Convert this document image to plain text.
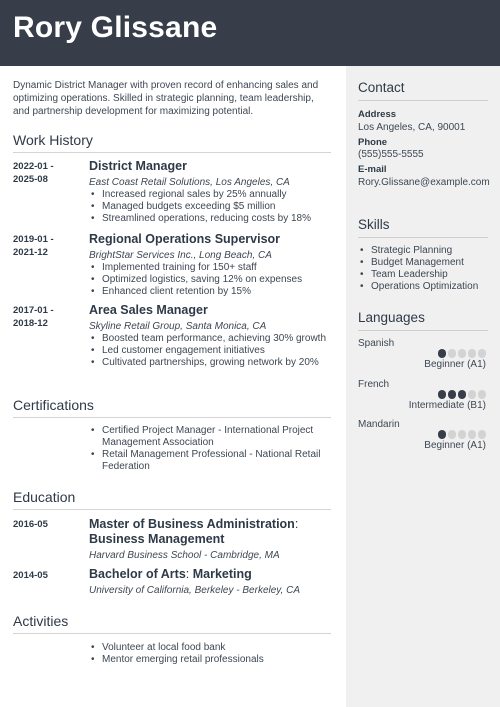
Rory Glissane
Dynamic District Manager with proven record of enhancing sales and optimizing operations. Skilled in strategic planning, team leadership, and partnership development for maximizing potential.
Work History
2022-01 -
2025-08
District Manager
East Coast Retail Solutions, Los Angeles, CA
• Increased regional sales by 25% annually
• Managed budgets exceeding $5 million
• Streamlined operations, reducing costs by 18%
2019-01 -
2021-12
Regional Operations Supervisor
BrightStar Services Inc., Long Beach, CA
• Implemented training for 150+ staff
• Optimized logistics, saving 12% on expenses
• Enhanced client retention by 15%
2017-01 -
2018-12
Area Sales Manager
Skyline Retail Group, Santa Monica, CA
• Boosted team performance, achieving 30% growth
• Led customer engagement initiatives
• Cultivated partnerships, growing network by 20%
Certifications
• Certified Project Manager - International Project Management Association
• Retail Management Professional - National Retail Federation
Education
2016-05	Master of Business Administration: Business Management
Harvard Business School - Cambridge, MA
2014-05	Bachelor of Arts: Marketing
University of California, Berkeley - Berkeley, CA
Activities
• Volunteer at local food bank
• Mentor emerging retail professionals
Contact
Address
Los Angeles, CA, 90001
Phone
(555)555-5555
E-mail
Rory.Glissane@example.com
Skills
• Strategic Planning
• Budget Management
• Team Leadership
• Operations Optimization
Languages
Spanish
Beginner (A1)
French
Intermediate (B1)
Mandarin
Beginner (A1)
